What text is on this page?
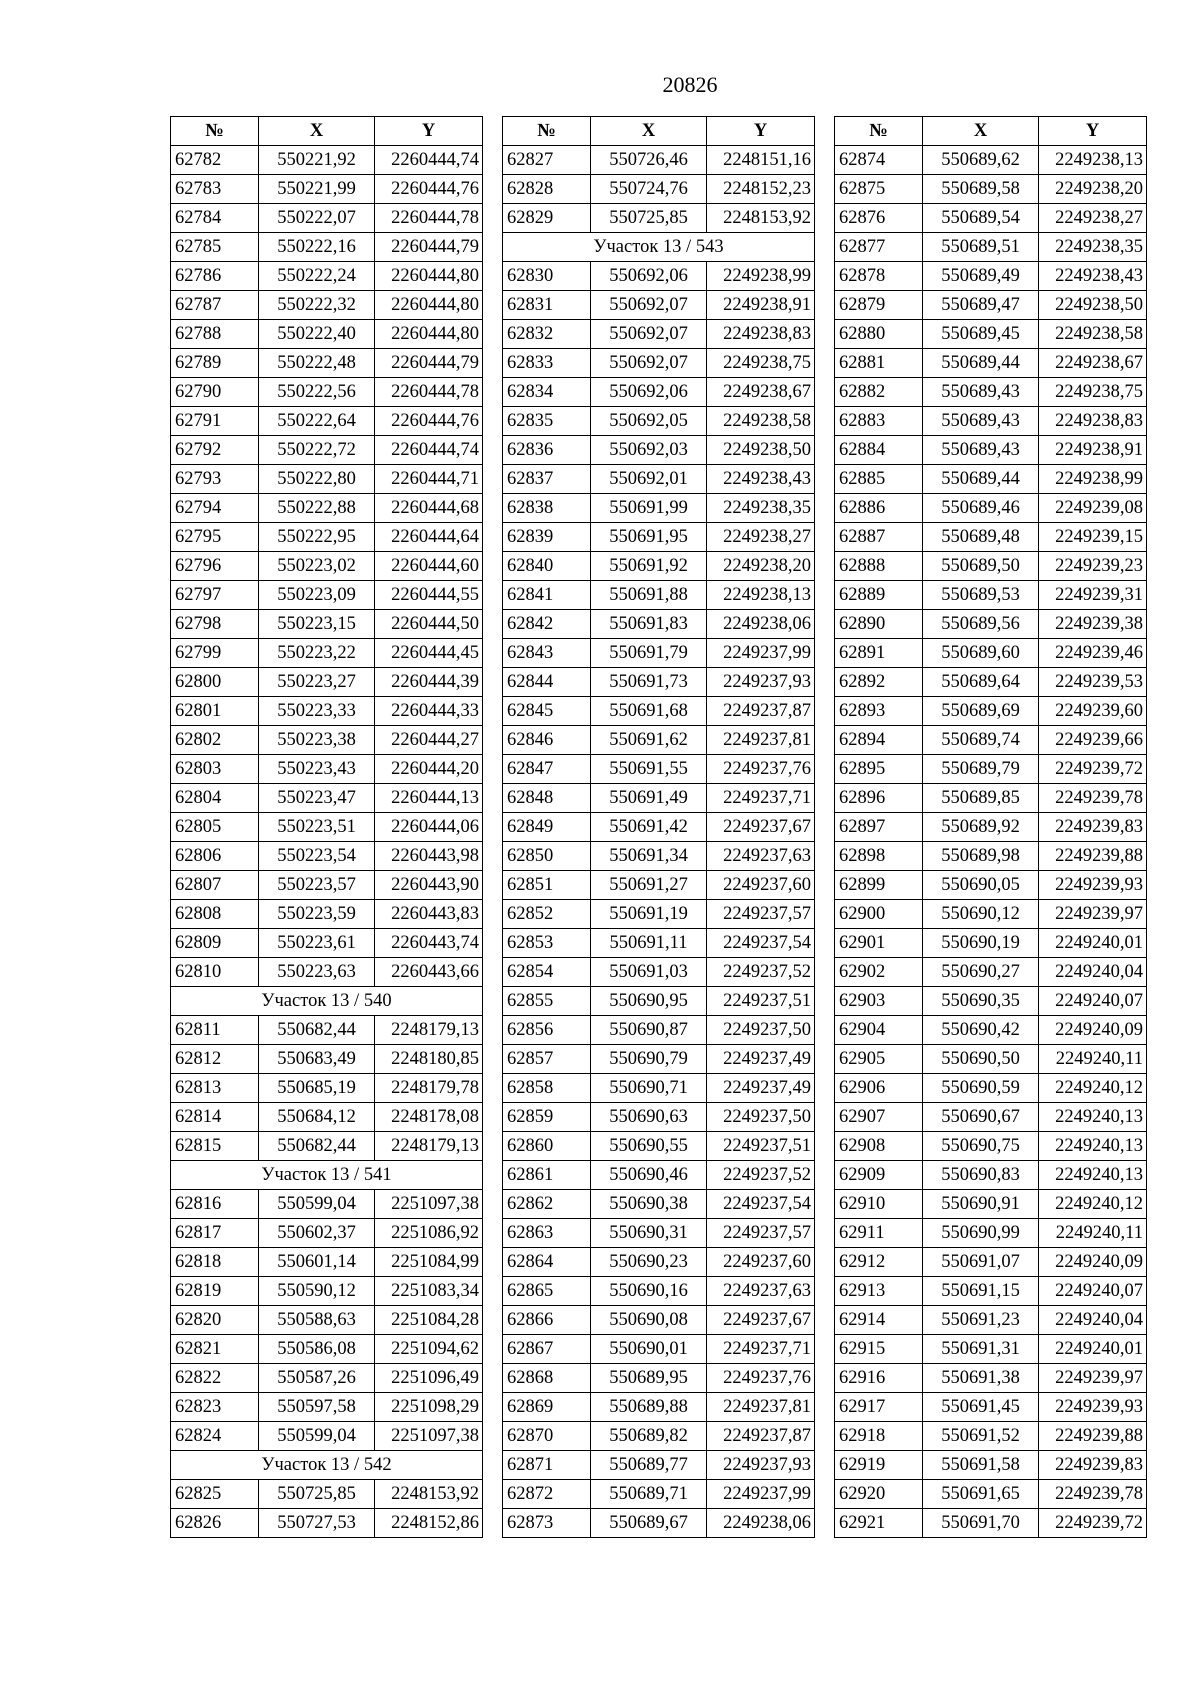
20826
№	X	Y
62782	550221,92	2260444,74
62783	550221,99	2260444,76
62784	550222,07	2260444,78
62785	550222,16	2260444,79
62786	550222,24	2260444,80
62787	550222,32	2260444,80
62788	550222,40	2260444,80
62789	550222,48	2260444,79
62790	550222,56	2260444,78
62791	550222,64	2260444,76
62792	550222,72	2260444,74
62793	550222,80	2260444,71
62794	550222,88	2260444,68
62795	550222,95	2260444,64
62796	550223,02	2260444,60
62797	550223,09	2260444,55
62798	550223,15	2260444,50
62799	550223,22	2260444,45
62800	550223,27	2260444,39
62801	550223,33	2260444,33
62802	550223,38	2260444,27
62803	550223,43	2260444,20
62804	550223,47	2260444,13
62805	550223,51	2260444,06
62806	550223,54	2260443,98
62807	550223,57	2260443,90
62808	550223,59	2260443,83
62809	550223,61	2260443,74
62810	550223,63	2260443,66
Участок 13 / 540		
62811	550682,44	2248179,13
62812	550683,49	2248180,85
62813	550685,19	2248179,78
62814	550684,12	2248178,08
62815	550682,44	2248179,13
Участок 13 / 541		
62816	550599,04	2251097,38
62817	550602,37	2251086,92
62818	550601,14	2251084,99
62819	550590,12	2251083,34
62820	550588,63	2251084,28
62821	550586,08	2251094,62
62822	550587,26	2251096,49
62823	550597,58	2251098,29
62824	550599,04	2251097,38
Участок 13 / 542		
62825	550725,85	2248153,92
62826	550727,53	2248152,86
№	X	Y
62827	550726,46	2248151,16
62828	550724,76	2248152,23
62829	550725,85	2248153,92
Участок 13 / 543		
62830	550692,06	2249238,99
62831	550692,07	2249238,91
62832	550692,07	2249238,83
62833	550692,07	2249238,75
62834	550692,06	2249238,67
62835	550692,05	2249238,58
62836	550692,03	2249238,50
62837	550692,01	2249238,43
62838	550691,99	2249238,35
62839	550691,95	2249238,27
62840	550691,92	2249238,20
62841	550691,88	2249238,13
62842	550691,83	2249238,06
62843	550691,79	2249237,99
62844	550691,73	2249237,93
62845	550691,68	2249237,87
62846	550691,62	2249237,81
62847	550691,55	2249237,76
62848	550691,49	2249237,71
62849	550691,42	2249237,67
62850	550691,34	2249237,63
62851	550691,27	2249237,60
62852	550691,19	2249237,57
62853	550691,11	2249237,54
62854	550691,03	2249237,52
62855	550690,95	2249237,51
62856	550690,87	2249237,50
62857	550690,79	2249237,49
62858	550690,71	2249237,49
62859	550690,63	2249237,50
62860	550690,55	2249237,51
62861	550690,46	2249237,52
62862	550690,38	2249237,54
62863	550690,31	2249237,57
62864	550690,23	2249237,60
62865	550690,16	2249237,63
62866	550690,08	2249237,67
62867	550690,01	2249237,71
62868	550689,95	2249237,76
62869	550689,88	2249237,81
62870	550689,82	2249237,87
62871	550689,77	2249237,93
62872	550689,71	2249237,99
62873	550689,67	2249238,06
№	X	Y
62874	550689,62	2249238,13
62875	550689,58	2249238,20
62876	550689,54	2249238,27
62877	550689,51	2249238,35
62878	550689,49	2249238,43
62879	550689,47	2249238,50
62880	550689,45	2249238,58
62881	550689,44	2249238,67
62882	550689,43	2249238,75
62883	550689,43	2249238,83
62884	550689,43	2249238,91
62885	550689,44	2249238,99
62886	550689,46	2249239,08
62887	550689,48	2249239,15
62888	550689,50	2249239,23
62889	550689,53	2249239,31
62890	550689,56	2249239,38
62891	550689,60	2249239,46
62892	550689,64	2249239,53
62893	550689,69	2249239,60
62894	550689,74	2249239,66
62895	550689,79	2249239,72
62896	550689,85	2249239,78
62897	550689,92	2249239,83
62898	550689,98	2249239,88
62899	550690,05	2249239,93
62900	550690,12	2249239,97
62901	550690,19	2249240,01
62902	550690,27	2249240,04
62903	550690,35	2249240,07
62904	550690,42	2249240,09
62905	550690,50	2249240,11
62906	550690,59	2249240,12
62907	550690,67	2249240,13
62908	550690,75	2249240,13
62909	550690,83	2249240,13
62910	550690,91	2249240,12
62911	550690,99	2249240,11
62912	550691,07	2249240,09
62913	550691,15	2249240,07
62914	550691,23	2249240,04
62915	550691,31	2249240,01
62916	550691,38	2249239,97
62917	550691,45	2249239,93
62918	550691,52	2249239,88
62919	550691,58	2249239,83
62920	550691,65	2249239,78
62921	550691,70	2249239,72
